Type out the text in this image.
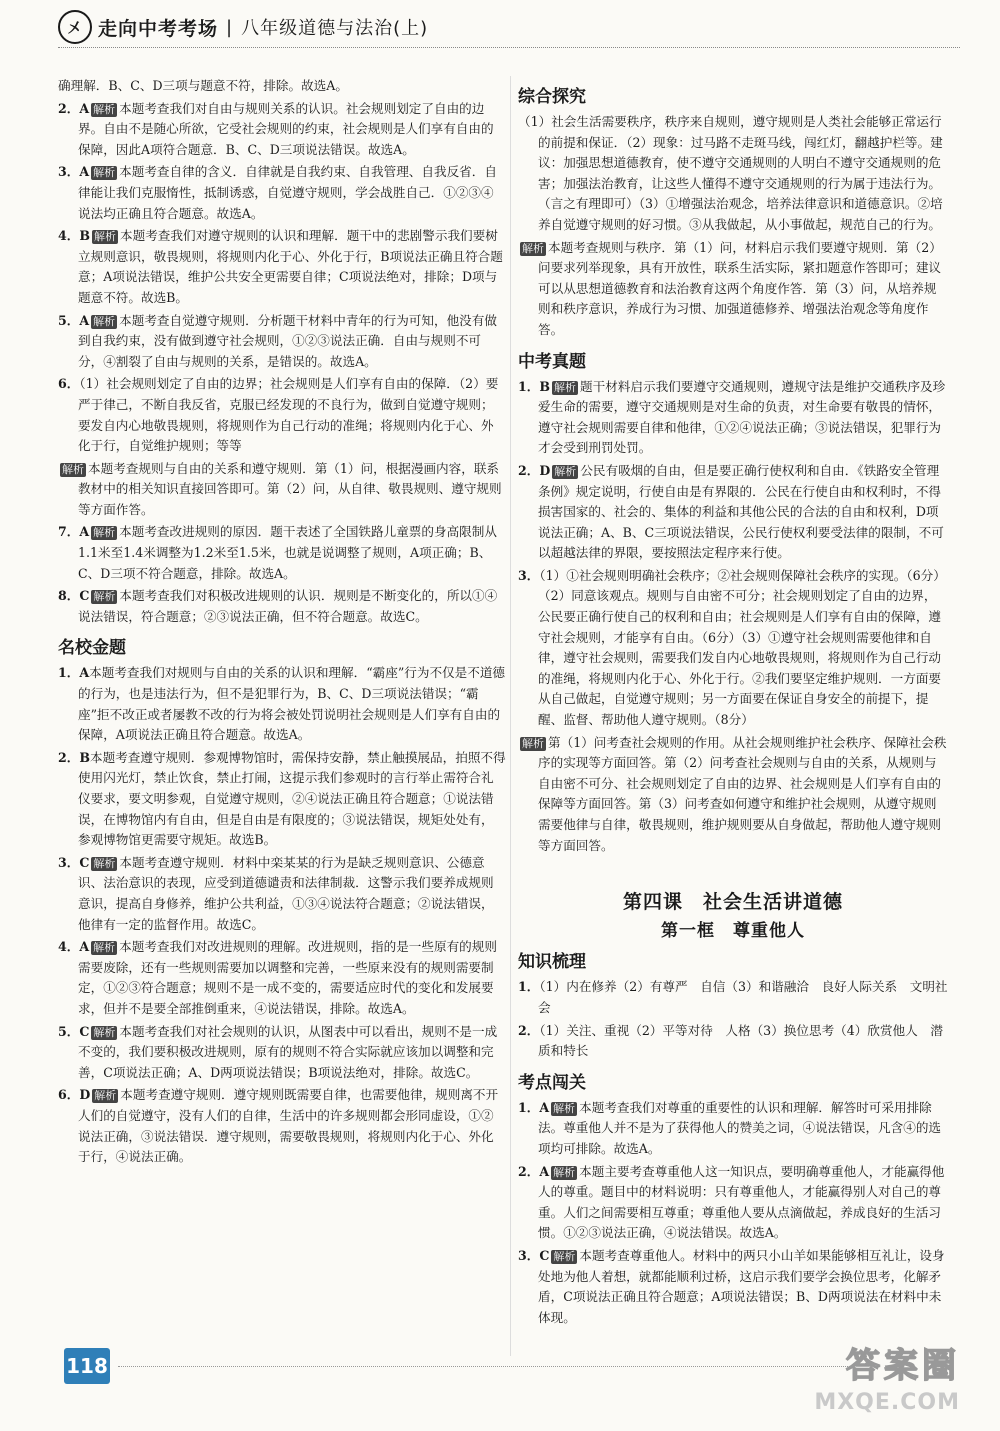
㐅 走向中考考场 | 八年级道德与法治(上)
确理解．B、C、D三项与题意不符，排除。故选A。
2．A 解析 本题考查我们对自由与规则关系的认识。社会规则划定了自由的边界。自由不是随心所欲，它受社会规则的约束，社会规则是人们享有自由的保障，因此A项符合题意．B、C、D三项说法错误。故选A。
3．A 解析 本题考查自律的含义．自律就是自我约束、自我管理、自我反省．自律能让我们克服惰性，抵制诱惑，自觉遵守规则，学会战胜自己．①②③④说法均正确且符合题意。故选A。
4．B 解析 本题考查我们对遵守规则的认识和理解．题干中的悲剧警示我们要树立规则意识，敬畏规则，将规则内化于心、外化于行，B项说法正确且符合题意；A项说法错误，维护公共安全更需要自律；C项说法绝对，排除；D项与题意不符。故选B。
5．A 解析 本题考查自觉遵守规则．分析题干材料中青年的行为可知，他没有做到自我约束，没有做到遵守社会规则，①②③说法正确．自由与规则不可分，④割裂了自由与规则的关系，是错误的。故选A。
6．（1）社会规则划定了自由的边界；社会规则是人们享有自由的保障．（2）要严于律己，不断自我反省，克服已经发现的不良行为，做到自觉遵守规则；要发自内心地敬畏规则，将规则作为自己行动的准绳；将规则内化于心、外化于行，自觉维护规则；等等
解析 本题考查规则与自由的关系和遵守规则．第（1）问，根据漫画内容，联系教材中的相关知识直接回答即可。第（2）问，从自律、敬畏规则、遵守规则等方面作答。
7．A 解析 本题考查改进规则的原因．题干表述了全国铁路儿童票的身高限制从1.1米至1.4米调整为1.2米至1.5米，也就是说调整了规则，A项正确；B、C、D三项不符合题意，排除。故选A。
8．C 解析 本题考查我们对积极改进规则的认识．规则是不断变化的，所以①④说法错误，符合题意；②③说法正确，但不符合题意。故选C。
名校金题
1．A本题考查我们对规则与自由的关系的认识和理解．“霸座”行为不仅是不道德的行为，也是违法行为，但不是犯罪行为，B、C、D三项说法错误；“霸座”拒不改正或者屡教不改的行为将会被处罚说明社会规则是人们享有自由的保障，A项说法正确且符合题意。故选A。
2．B本题考查遵守规则．参观博物馆时，需保持安静，禁止触摸展品，拍照不得使用闪光灯，禁止饮食，禁止打闹，这提示我们参观时的言行举止需符合礼仪要求，要文明参观，自觉遵守规则，②④说法正确且符合题意；①说法错误，在博物馆内有自由，但是自由是有限度的；③说法错误，规矩处处有，参观博物馆更需要守规矩。故选B。
3．C 解析 本题考查遵守规则．材料中栾某某的行为是缺乏规则意识、公德意识、法治意识的表现，应受到道德谴责和法律制裁．这警示我们要养成规则意识，提高自身修养，维护公共利益，①③④说法符合题意；②说法错误，他律有一定的监督作用。故选C。
4．A 解析 本题考查我们对改进规则的理解。改进规则，指的是一些原有的规则需要废除，还有一些规则需要加以调整和完善，一些原来没有的规则需要制定，①②③符合题意；规则不是一成不变的，需要适应时代的变化和发展要求，但并不是要全部推倒重来，④说法错误，排除。故选A。
5．C 解析 本题考查我们对社会规则的认识，从图表中可以看出，规则不是一成不变的，我们要积极改进规则，原有的规则不符合实际就应该加以调整和完善，C项说法正确；A、D两项说法错误；B项说法绝对，排除。故选C。
6．D 解析 本题考查遵守规则．遵守规则既需要自律，也需要他律，规则离不开人们的自觉遵守，没有人们的自律，生活中的许多规则都会形同虚设，①②说法正确，③说法错误．遵守规则，需要敬畏规则，将规则内化于心、外化于行，④说法正确。
综合探究
（1）社会生活需要秩序，秩序来自规则，遵守规则是人类社会能够正常运行的前提和保证．（2）现象：过马路不走斑马线，闯红灯，翻越护栏等。建议：加强思想道德教育，使不遵守交通规则的人明白不遵守交通规则的危害；加强法治教育，让这些人懂得不遵守交通规则的行为属于违法行为。（言之有理即可）（3）①增强法治观念，培养法律意识和道德意识。②培养自觉遵守规则的好习惯。③从我做起，从小事做起，规范自己的行为。
解析 本题考查规则与秩序．第（1）问，材料启示我们要遵守规则．第（2）问要求列举现象，具有开放性，联系生活实际，紧扣题意作答即可；建议可以从思想道德教育和法治教育这两个角度作答．第（3）问，从培养规则和秩序意识，养成行为习惯、加强道德修养、增强法治观念等角度作答。
中考真题
1．B 解析 题干材料启示我们要遵守交通规则，遵规守法是维护交通秩序及珍爱生命的需要，遵守交通规则是对生命的负责，对生命要有敬畏的情怀，遵守社会规则需要自律和他律，①②④说法正确；③说法错误，犯罪行为才会受到刑罚处罚。
2．D 解析 公民有吸烟的自由，但是要正确行使权利和自由．《铁路安全管理条例》规定说明，行使自由是有界限的．公民在行使自由和权利时，不得损害国家的、社会的、集体的利益和其他公民的合法的自由和权利，D项说法正确；A、B、C三项说法错误，公民行使权利要受法律的限制，不可以超越法律的界限，要按照法定程序来行使。
3．（1）①社会规则明确社会秩序；②社会规则保障社会秩序的实现。（6分）（2）同意该观点。规则与自由密不可分；社会规则划定了自由的边界，公民要正确行使自己的权利和自由；社会规则是人们享有自由的保障，遵守社会规则，才能享有自由。（6分）（3）①遵守社会规则需要他律和自律，遵守社会规则，需要我们发自内心地敬畏规则，将规则作为自己行动的准绳，将规则内化于心、外化于行。②我们要坚定维护规则．一方面要从自己做起，自觉遵守规则；另一方面要在保证自身安全的前提下，提醒、监督、帮助他人遵守规则。（8分）
解析 第（1）问考查社会规则的作用。从社会规则维护社会秩序、保障社会秩序的实现等方面回答。第（2）问考查社会规则与自由的关系，从规则与自由密不可分、社会规则划定了自由的边界、社会规则是人们享有自由的保障等方面回答。第（3）问考查如何遵守和维护社会规则，从遵守规则需要他律与自律，敬畏规则，维护规则要从自身做起，帮助他人遵守规则等方面回答。
第四课　社会生活讲道德
第一框　尊重他人
知识梳理
1．（1）内在修养（2）有尊严　自信（3）和谐融洽　良好人际关系　文明社会
2．（1）关注、重视（2）平等对待　人格（3）换位思考（4）欣赏他人　潜质和特长
考点闯关
1．A 解析 本题考查我们对尊重的重要性的认识和理解．解答时可采用排除法。尊重他人并不是为了获得他人的赞美之词，④说法错误，凡含④的选项均可排除。故选A。
2．A 解析 本题主要考查尊重他人这一知识点，要明确尊重他人，才能赢得他人的尊重。题目中的材料说明：只有尊重他人，才能赢得别人对自己的尊重。人们之间需要相互尊重；尊重他人要从点滴做起，养成良好的生活习惯。①②③说法正确，④说法错误。故选A。
3．C 解析 本题考查尊重他人。材料中的两只小山羊如果能够相互礼让，设身处地为他人着想，就都能顺利过桥，这启示我们要学会换位思考，化解矛盾，C项说法正确且符合题意；A项说法错误；B、D两项说法在材料中未体现。
118	答案圈
MXQE.COM
